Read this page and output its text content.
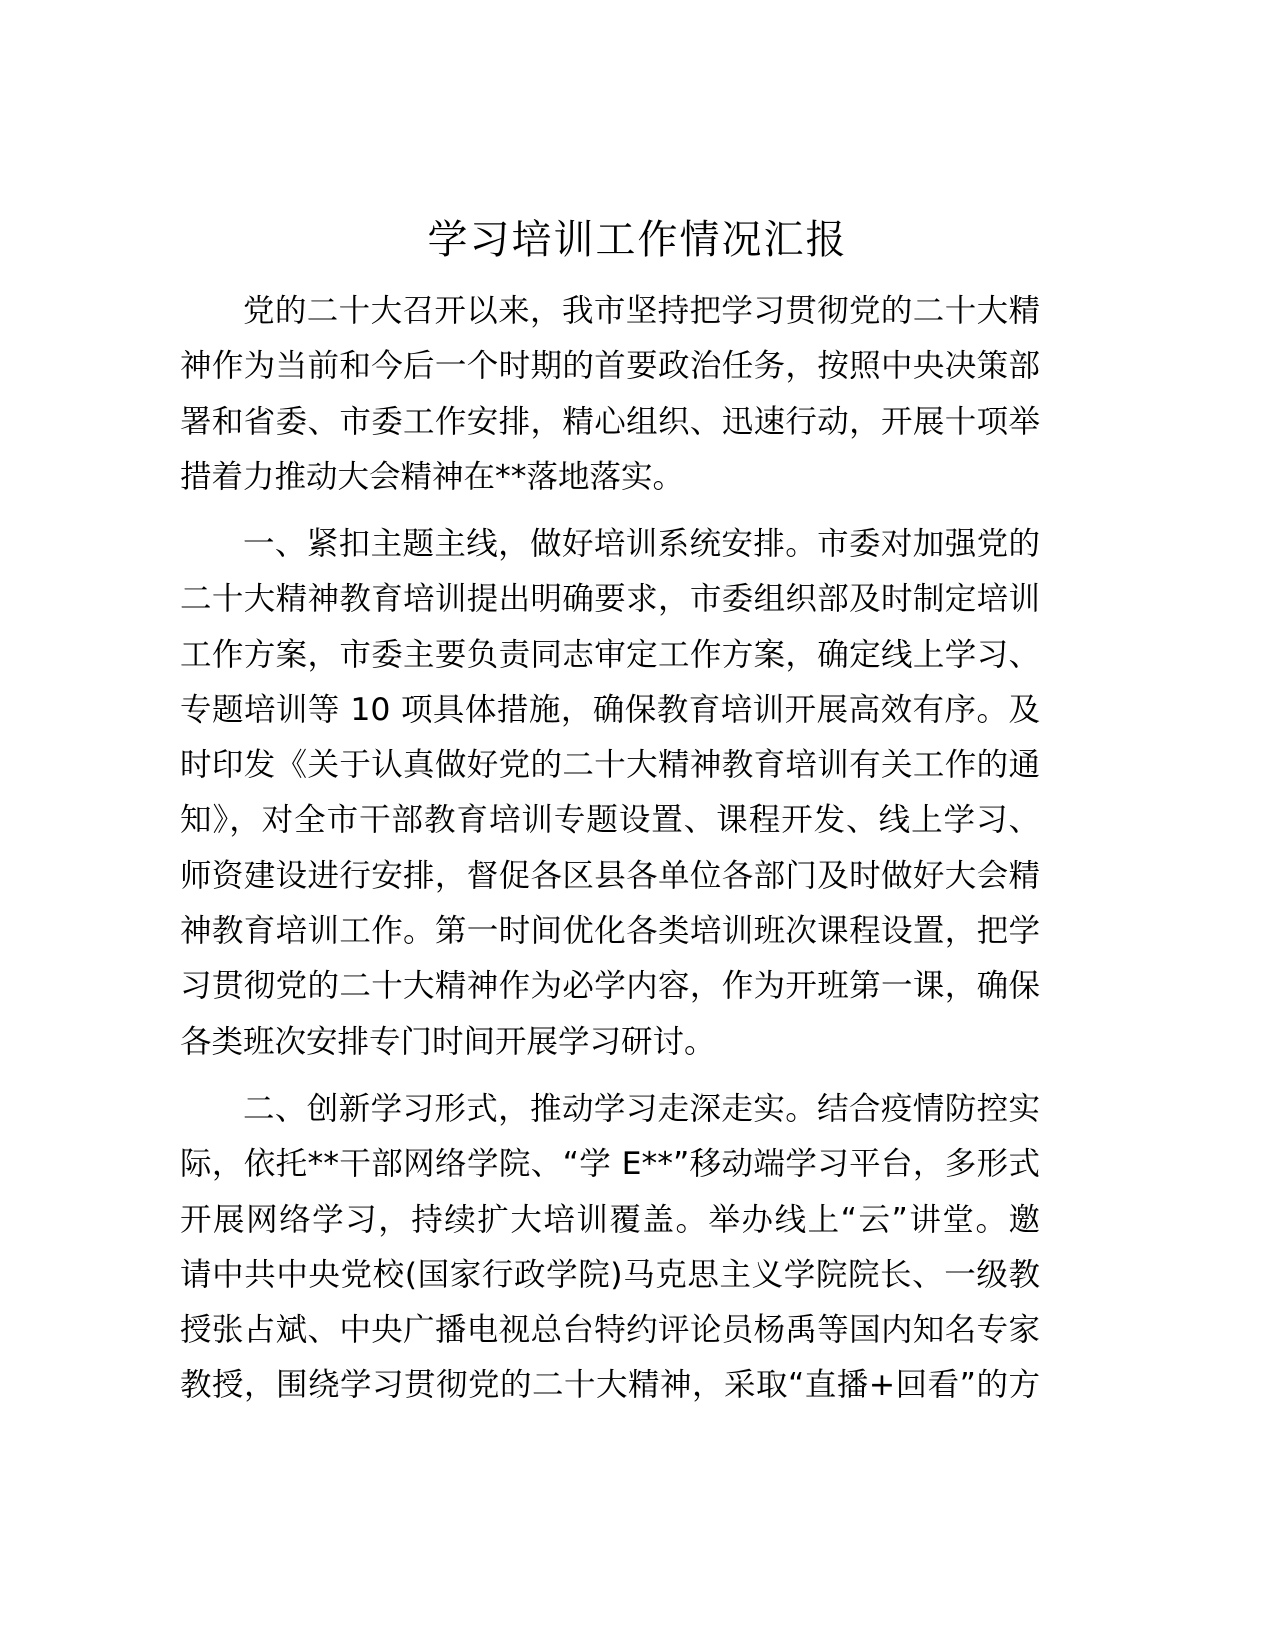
学习培训工作情况汇报
党的二十大召开以来，我市坚持把学习贯彻党的二十大精
神作为当前和今后一个时期的首要政治任务，按照中央决策部
署和省委、市委工作安排，精心组织、迅速行动，开展十项举
措着力推动大会精神在**落地落实。
一、紧扣主题主线，做好培训系统安排。市委对加强党的
二十大精神教育培训提出明确要求，市委组织部及时制定培训
工作方案，市委主要负责同志审定工作方案，确定线上学习、
专题培训等 10 项具体措施，确保教育培训开展高效有序。及
时印发《关于认真做好党的二十大精神教育培训有关工作的通
知》，对全市干部教育培训专题设置、课程开发、线上学习、
师资建设进行安排，督促各区县各单位各部门及时做好大会精
神教育培训工作。第一时间优化各类培训班次课程设置，把学
习贯彻党的二十大精神作为必学内容，作为开班第一课，确保
各类班次安排专门时间开展学习研讨。
二、创新学习形式，推动学习走深走实。结合疫情防控实
际，依托**干部网络学院、“学 E**”移动端学习平台，多形式
开展网络学习，持续扩大培训覆盖。举办线上“云”讲堂。邀
请中共中央党校(国家行政学院)马克思主义学院院长、一级教
授张占斌、中央广播电视总台特约评论员杨禹等国内知名专家
教授，围绕学习贯彻党的二十大精神，采取“直播+回看”的方
